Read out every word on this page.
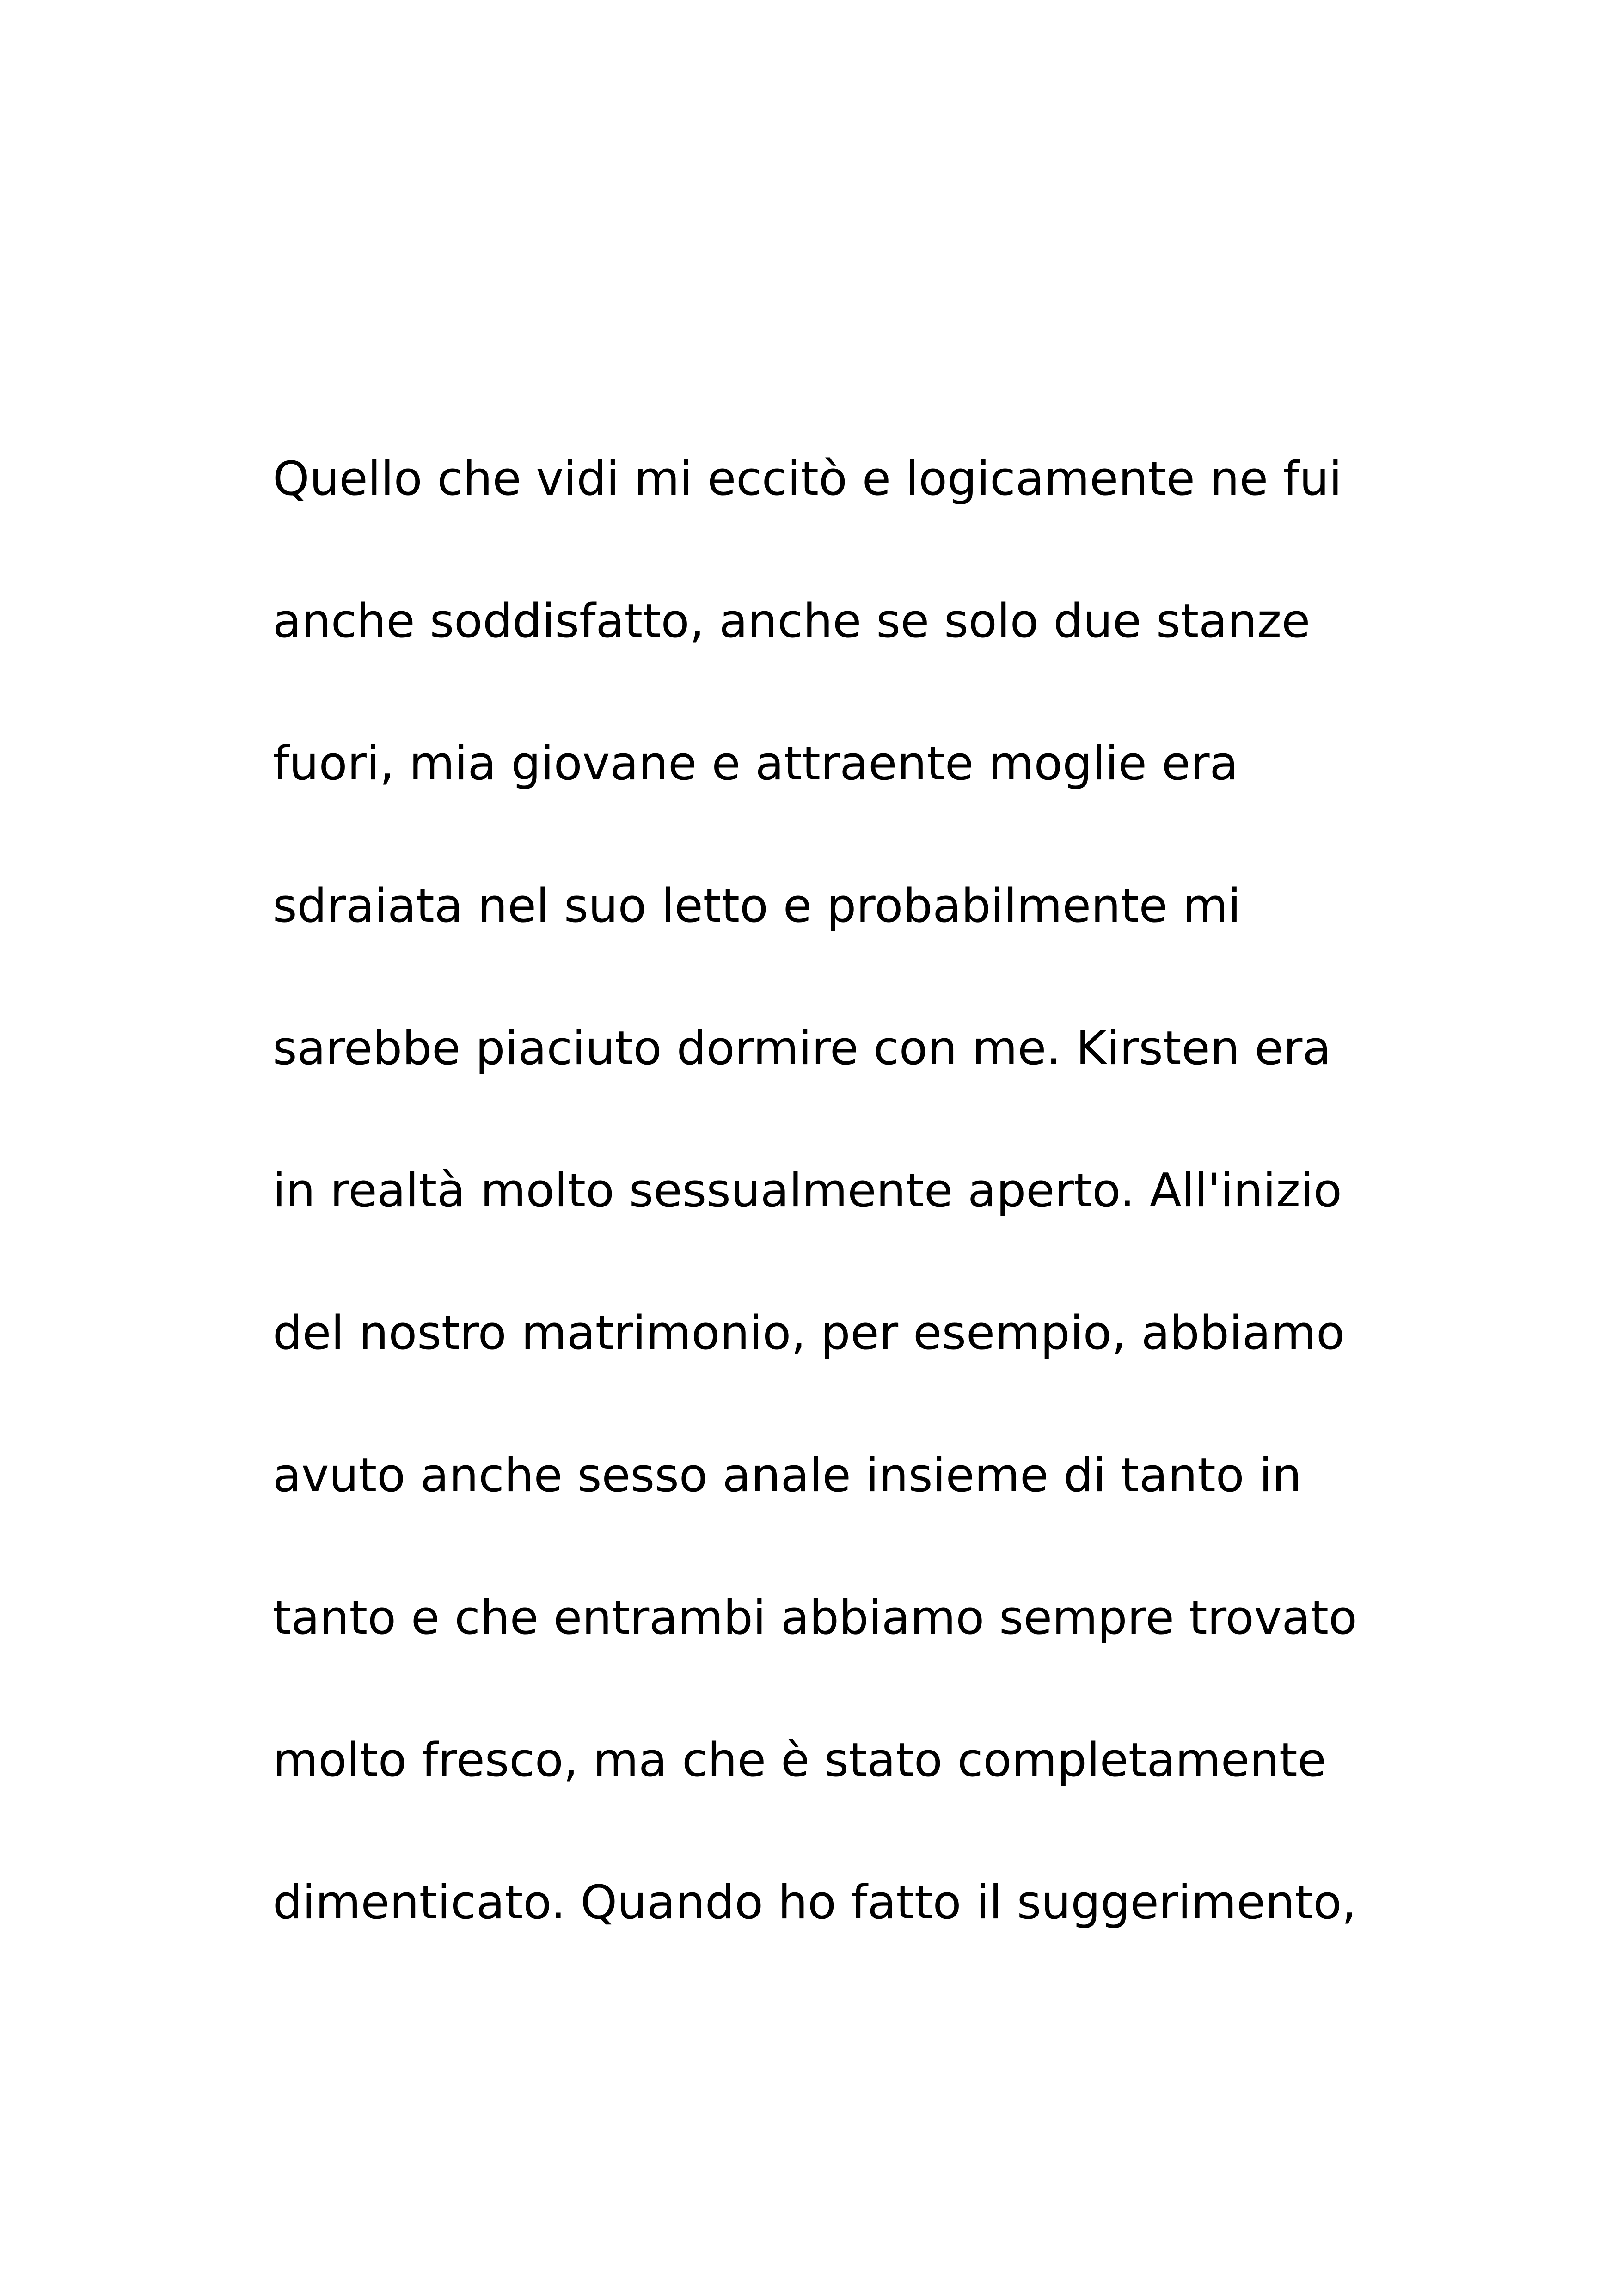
Quello che vidi mi eccitò e logicamente ne fui
anche soddisfatto, anche se solo due stanze
fuori, mia giovane e attraente moglie era
sdraiata nel suo letto e probabilmente mi
sarebbe piaciuto dormire con me. Kirsten era
in realtà molto sessualmente aperto. All'inizio
del nostro matrimonio, per esempio, abbiamo
avuto anche sesso anale insieme di tanto in
tanto e che entrambi abbiamo sempre trovato
molto fresco, ma che è stato completamente
dimenticato. Quando ho fatto il suggerimento,
